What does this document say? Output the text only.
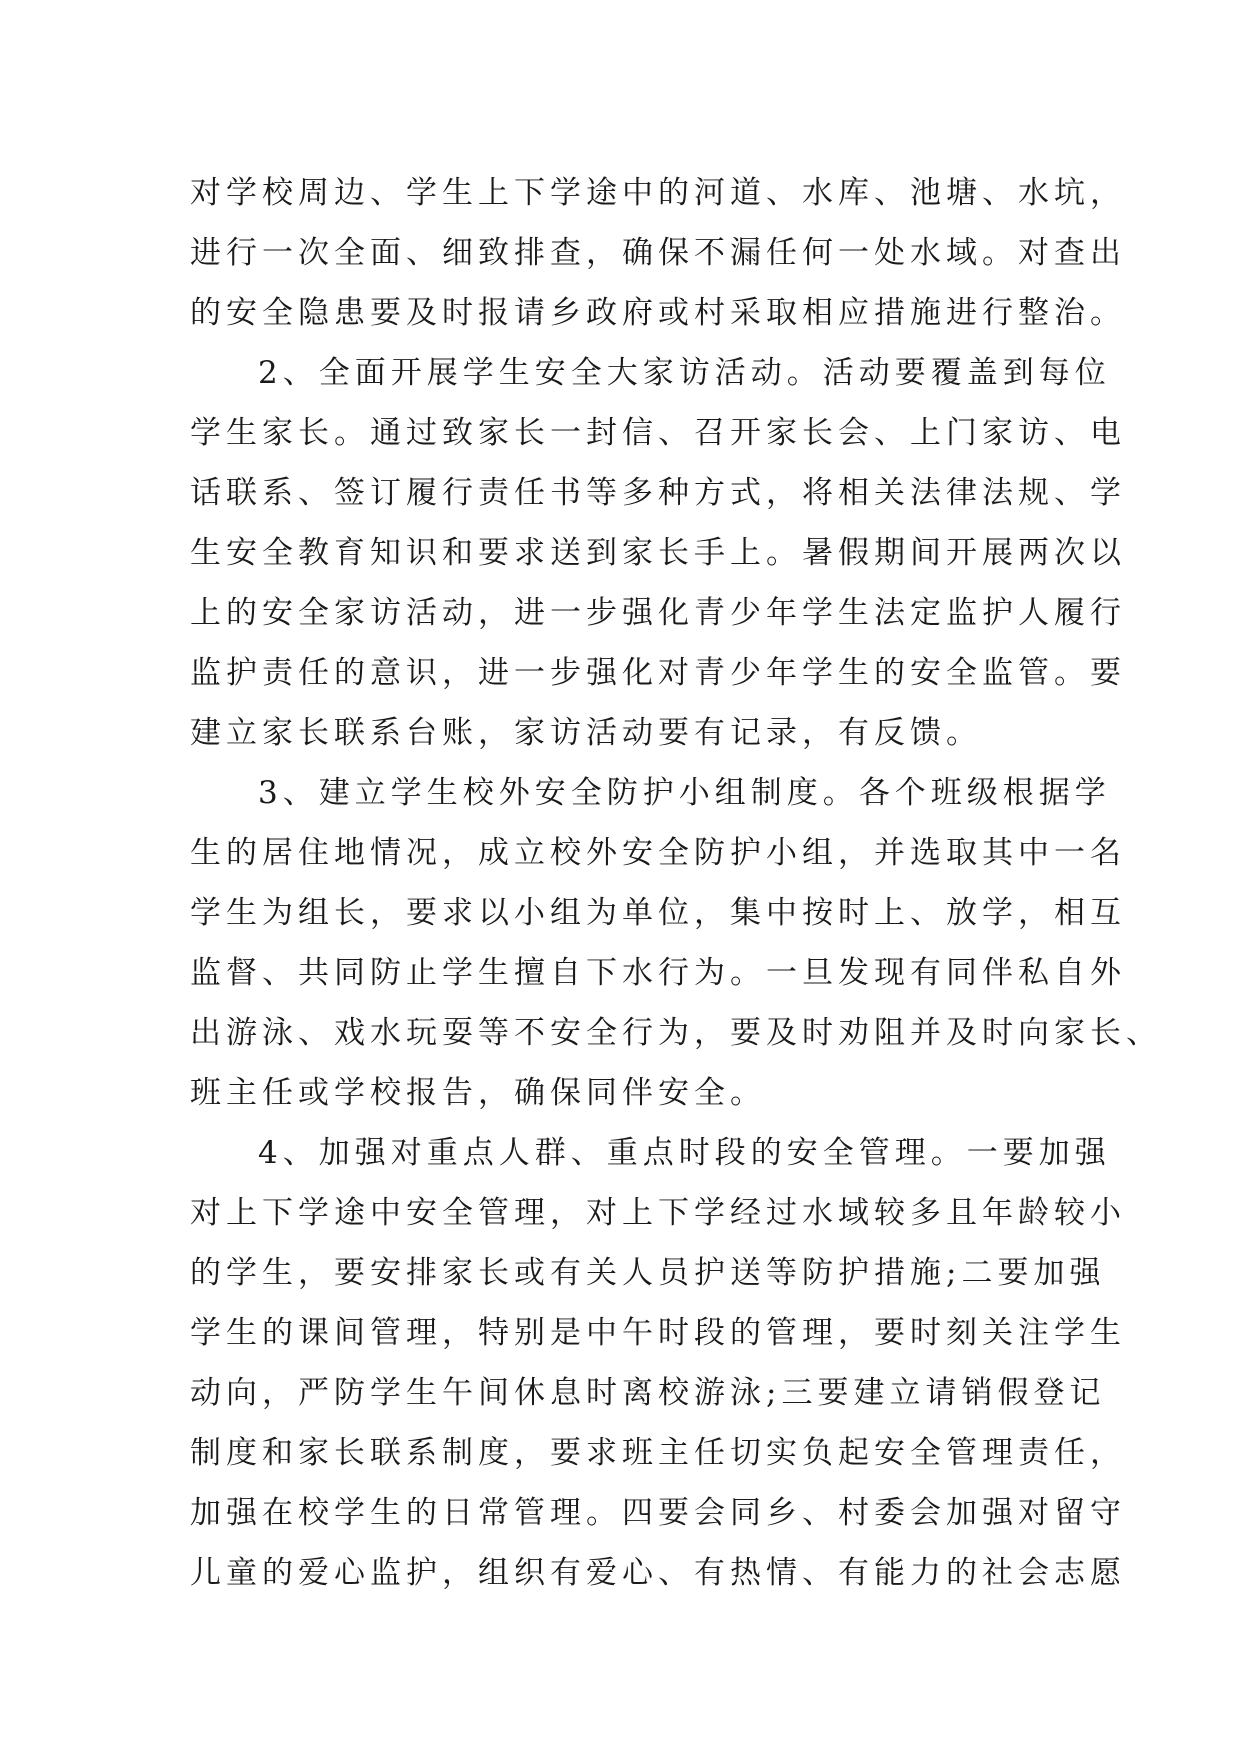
对学校周边、学生上下学途中的河道、水库、池塘、水坑，
进行一次全面、细致排查，确保不漏任何一处水域。对查出
的安全隐患要及时报请乡政府或村采取相应措施进行整治。
2、全面开展学生安全大家访活动。活动要覆盖到每位
学生家长。通过致家长一封信、召开家长会、上门家访、电
话联系、签订履行责任书等多种方式，将相关法律法规、学
生安全教育知识和要求送到家长手上。暑假期间开展两次以
上的安全家访活动，进一步强化青少年学生法定监护人履行
监护责任的意识，进一步强化对青少年学生的安全监管。要
建立家长联系台账，家访活动要有记录，有反馈。
3、建立学生校外安全防护小组制度。各个班级根据学
生的居住地情况，成立校外安全防护小组，并选取其中一名
学生为组长，要求以小组为单位，集中按时上、放学，相互
监督、共同防止学生擅自下水行为。一旦发现有同伴私自外
出游泳、戏水玩耍等不安全行为，要及时劝阻并及时向家长、
班主任或学校报告，确保同伴安全。
4、加强对重点人群、重点时段的安全管理。一要加强
对上下学途中安全管理，对上下学经过水域较多且年龄较小
的学生，要安排家长或有关人员护送等防护措施;二要加强
学生的课间管理，特别是中午时段的管理，要时刻关注学生
动向，严防学生午间休息时离校游泳;三要建立请销假登记
制度和家长联系制度，要求班主任切实负起安全管理责任，
加强在校学生的日常管理。四要会同乡、村委会加强对留守
儿童的爱心监护，组织有爱心、有热情、有能力的社会志愿
